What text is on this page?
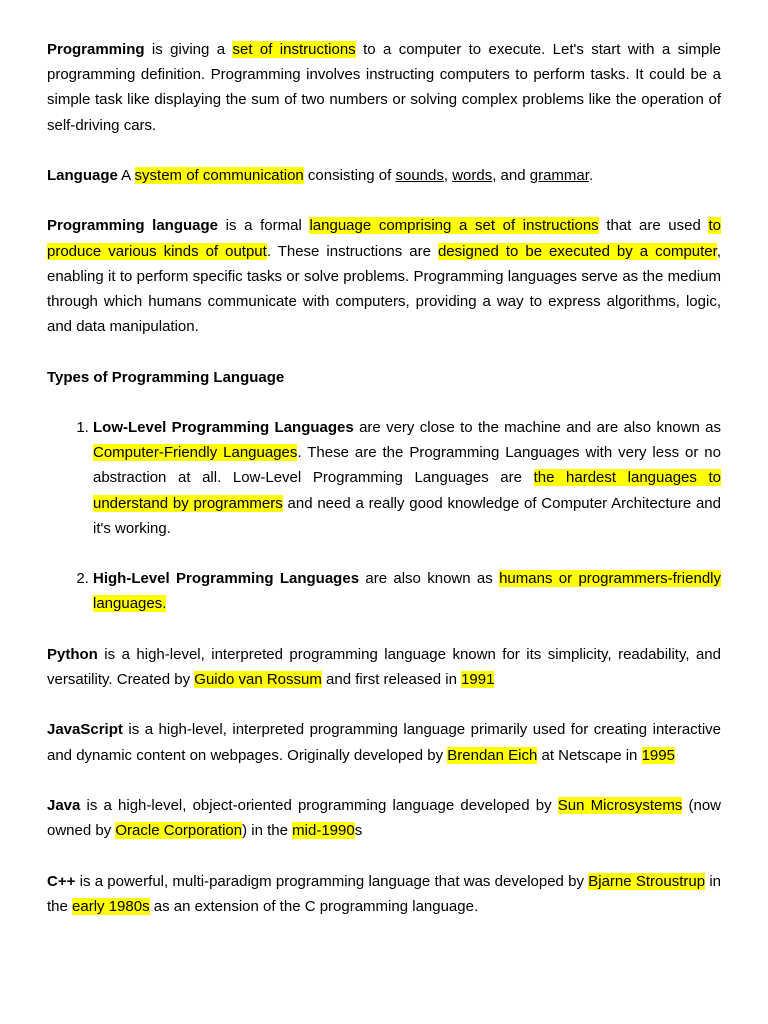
Programming is giving a set of instructions to a computer to execute. Let's start with a simple programming definition. Programming involves instructing computers to perform tasks. It could be a simple task like displaying the sum of two numbers or solving complex problems like the operation of self-driving cars.

Language A system of communication consisting of sounds, words, and grammar.

Programming language is a formal language comprising a set of instructions that are used to produce various kinds of output. These instructions are designed to be executed by a computer, enabling it to perform specific tasks or solve problems. Programming languages serve as the medium through which humans communicate with computers, providing a way to express algorithms, logic, and data manipulation.

Types of Programming Language
1. Low-Level Programming Languages are very close to the machine and are also known as Computer-Friendly Languages. These are the Programming Languages with very less or no abstraction at all. Low-Level Programming Languages are the hardest languages to understand by programmers and need a really good knowledge of Computer Architecture and it's working.
2. High-Level Programming Languages are also known as humans or programmers-friendly languages.

Python is a high-level, interpreted programming language known for its simplicity, readability, and versatility. Created by Guido van Rossum and first released in 1991

JavaScript is a high-level, interpreted programming language primarily used for creating interactive and dynamic content on webpages. Originally developed by Brendan Eich at Netscape in 1995

Java is a high-level, object-oriented programming language developed by Sun Microsystems (now owned by Oracle Corporation) in the mid-1990s

C++ is a powerful, multi-paradigm programming language that was developed by Bjarne Stroustrup in the early 1980s as an extension of the C programming language.
